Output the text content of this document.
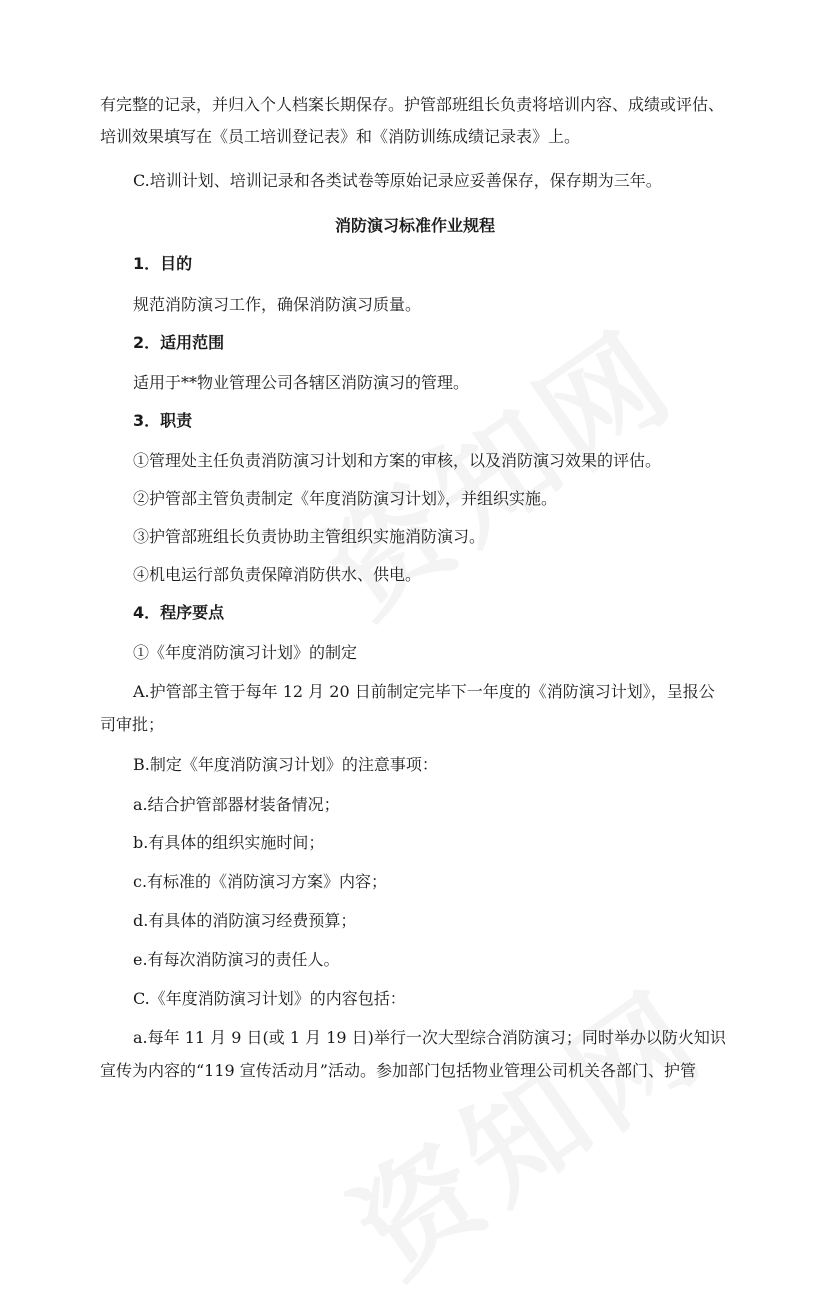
有完整的记录，并归入个人档案长期保存。护管部班组长负责将培训内容、成绩或评估、
培训效果填写在《员工培训登记表》和《消防训练成绩记录表》上。
C.培训计划、培训记录和各类试卷等原始记录应妥善保存，保存期为三年。
消防演习标准作业规程
1．目的
规范消防演习工作，确保消防演习质量。
2．适用范围
适用于**物业管理公司各辖区消防演习的管理。
3．职责
①管理处主任负责消防演习计划和方案的审核，以及消防演习效果的评估。
②护管部主管负责制定《年度消防演习计划》，并组织实施。
③护管部班组长负责协助主管组织实施消防演习。
④机电运行部负责保障消防供水、供电。
4．程序要点
①《年度消防演习计划》的制定
A.护管部主管于每年 12 月 20 日前制定完毕下一年度的《消防演习计划》，呈报公
司审批；
B.制定《年度消防演习计划》的注意事项：
a.结合护管部器材装备情况；
b.有具体的组织实施时间；
c.有标准的《消防演习方案》内容；
d.有具体的消防演习经费预算；
e.有每次消防演习的责任人。
C.《年度消防演习计划》的内容包括：
a.每年 11 月 9 日(或 1 月 19 日)举行一次大型综合消防演习；同时举办以防火知识
宣传为内容的“119 宣传活动月”活动。参加部门包括物业管理公司机关各部门、护管
